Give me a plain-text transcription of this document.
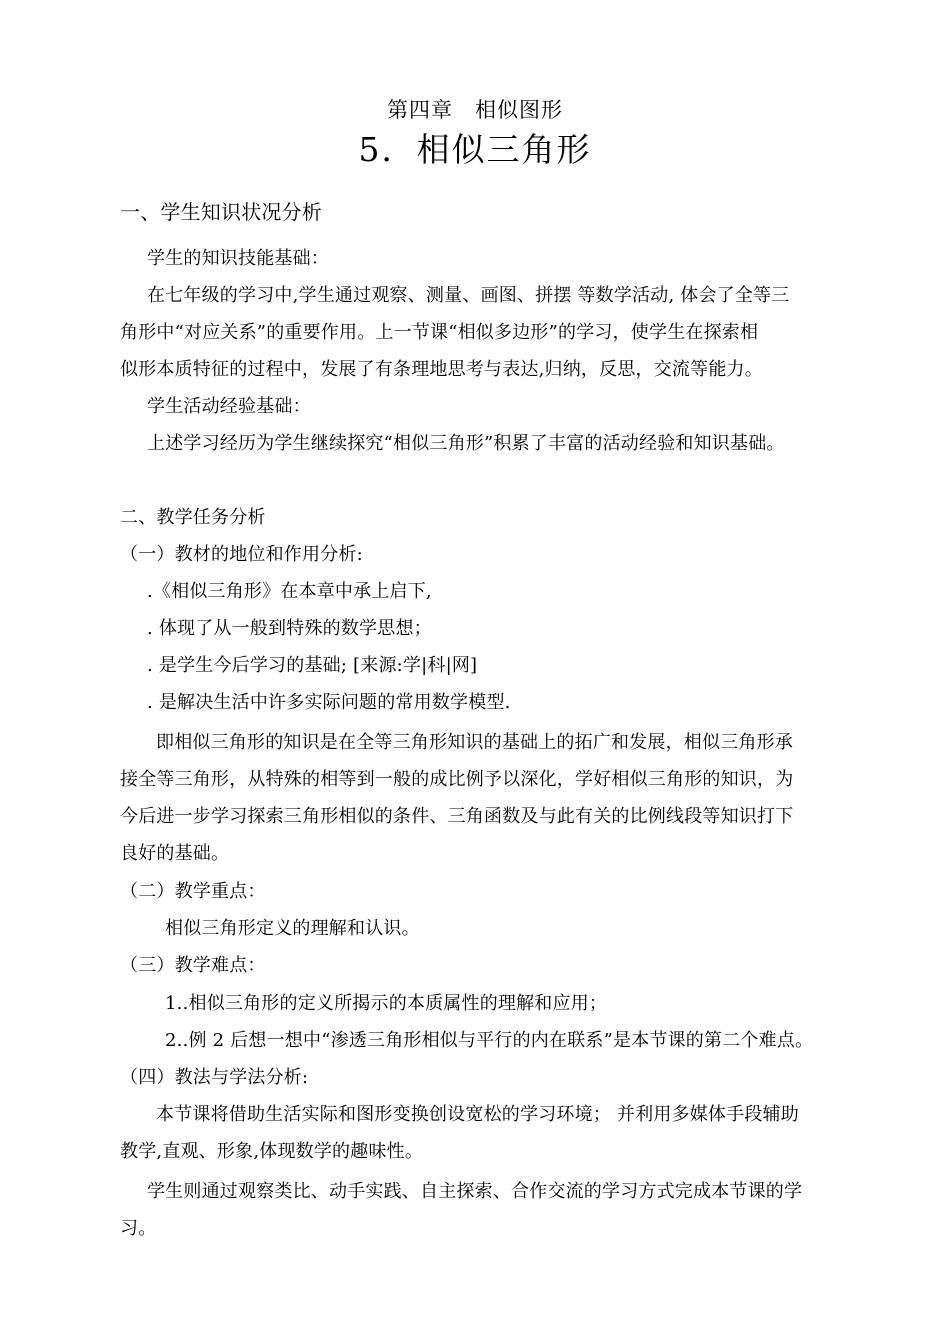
第四章　相似图形
5．相似三角形
一、学生知识状况分析
学生的知识技能基础：
在七年级的学习中,学生通过观察、测量、画图、拼摆 等数学活动, 体会了全等三
角形中“对应关系”的重要作用。上一节课“相似多边形”的学习，使学生在探索相
似形本质特征的过程中，发展了有条理地思考与表达,归纳，反思，交流等能力。
学生活动经验基础：
上述学习经历为学生继续探究“相似三角形”积累了丰富的活动经验和知识基础。
二、教学任务分析
（一）教材的地位和作用分析:
.《相似三角形》在本章中承上启下,
. 体现了从一般到特殊的数学思想；
. 是学生今后学习的基础; [来源:学|科|网]
. 是解决生活中许多实际问题的常用数学模型.
即相似三角形的知识是在全等三角形知识的基础上的拓广和发展，相似三角形承
接全等三角形，从特殊的相等到一般的成比例予以深化，学好相似三角形的知识，为
今后进一步学习探索三角形相似的条件、三角函数及与此有关的比例线段等知识打下
良好的基础。
（二）教学重点：
相似三角形定义的理解和认识。
（三）教学难点：
1..相似三角形的定义所揭示的本质属性的理解和应用；
2..例 2 后想一想中“渗透三角形相似与平行的内在联系”是本节课的第二个难点。
（四）教法与学法分析:
本节课将借助生活实际和图形变换创设宽松的学习环境； 并利用多媒体手段辅助
教学,直观、形象,体现数学的趣味性。
学生则通过观察类比、动手实践、自主探索、合作交流的学习方式完成本节课的学
习。
